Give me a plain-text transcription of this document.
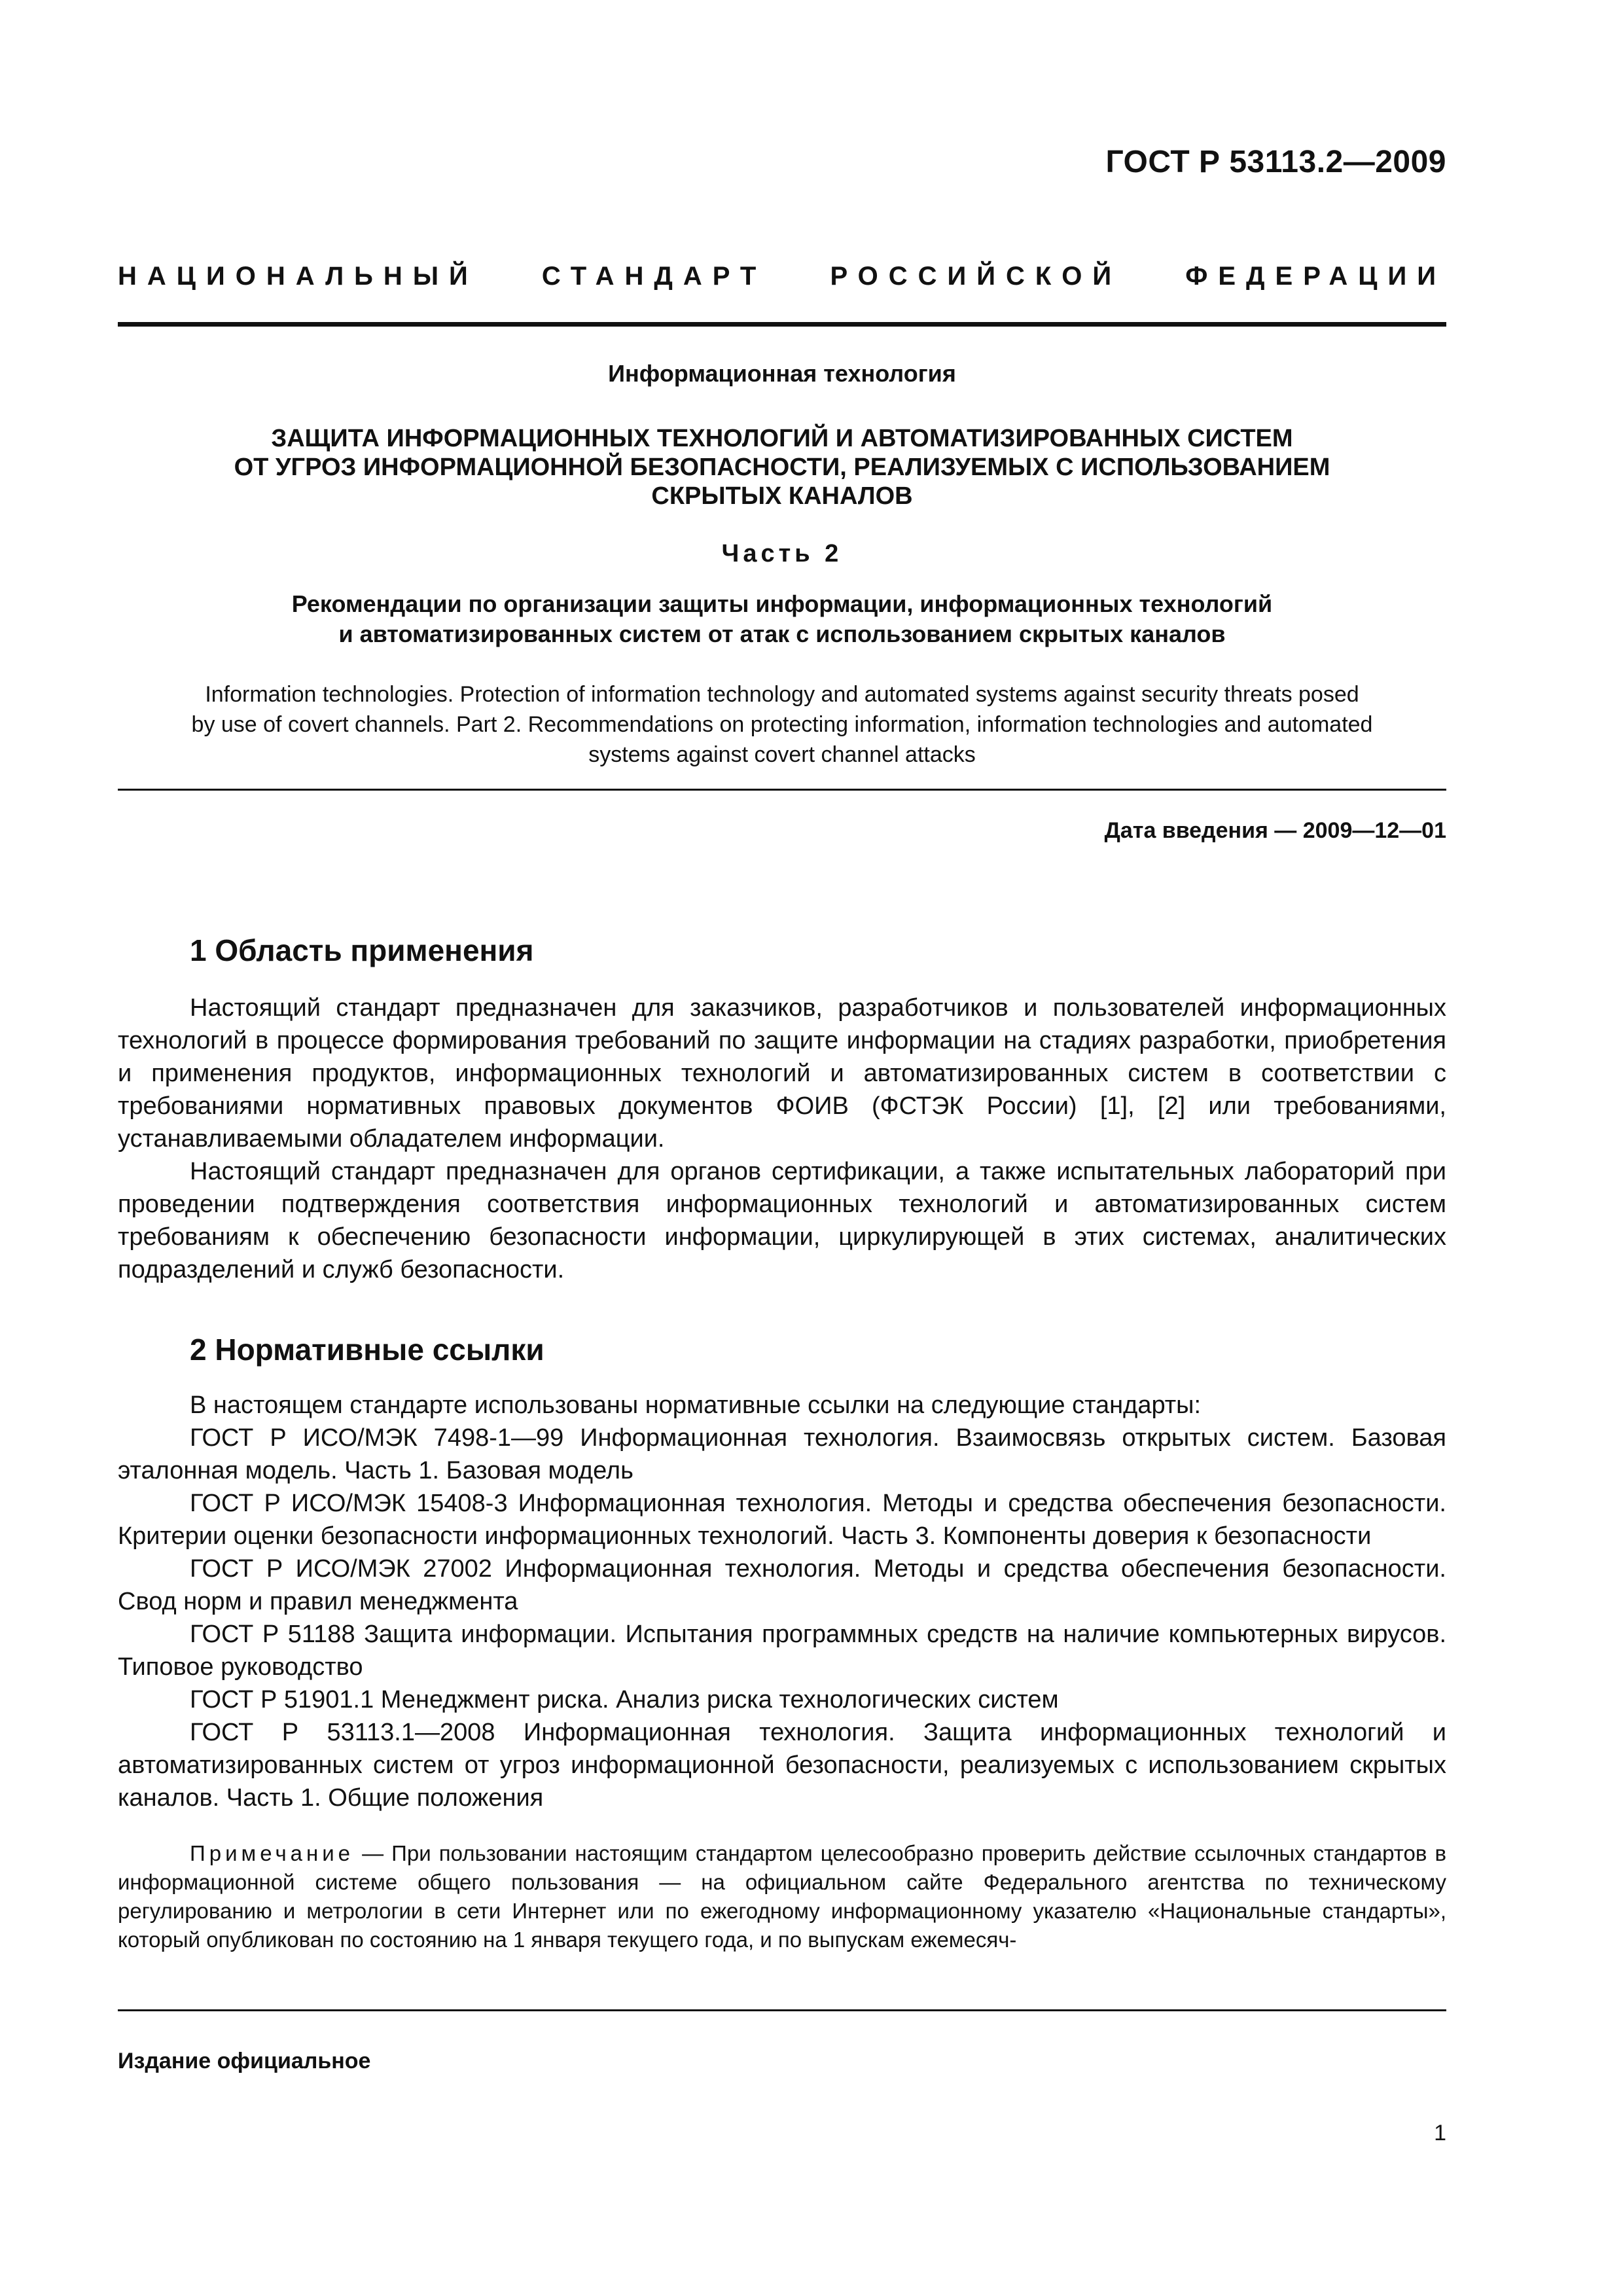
ГОСТ Р 53113.2—2009
НАЦИОНАЛЬНЫЙ СТАНДАРТ РОССИЙСКОЙ ФЕДЕРАЦИИ
Информационная технология
ЗАЩИТА ИНФОРМАЦИОННЫХ ТЕХНОЛОГИЙ И АВТОМАТИЗИРОВАННЫХ СИСТЕМ
ОТ УГРОЗ ИНФОРМАЦИОННОЙ БЕЗОПАСНОСТИ, РЕАЛИЗУЕМЫХ С ИСПОЛЬЗОВАНИЕМ
СКРЫТЫХ КАНАЛОВ
Часть 2
Рекомендации по организации защиты информации, информационных технологий
и автоматизированных систем от атак с использованием скрытых каналов
Information technologies. Protection of information technology and automated systems against security threats posed
by use of covert channels. Part 2. Recommendations on protecting information, information technologies and automated
systems against covert channel attacks
Дата введения — 2009—12—01
1 Область применения

Настоящий стандарт предназначен для заказчиков, разработчиков и пользователей информационных технологий в процессе формирования требований по защите информации на стадиях разработки, приобретения и применения продуктов, информационных технологий и автоматизированных систем в соответствии с требованиями нормативных правовых документов ФОИВ (ФСТЭК России) [1], [2] или требованиями, устанавливаемыми обладателем информации.

Настоящий стандарт предназначен для органов сертификации, а также испытательных лабораторий при проведении подтверждения соответствия информационных технологий и автоматизированных систем требованиям к обеспечению безопасности информации, циркулирующей в этих системах, аналитических подразделений и служб безопасности.

2 Нормативные ссылки

В настоящем стандарте использованы нормативные ссылки на следующие стандарты:

ГОСТ Р ИСО/МЭК 7498-1—99 Информационная технология. Взаимосвязь открытых систем. Базовая эталонная модель. Часть 1. Базовая модель

ГОСТ Р ИСО/МЭК 15408-3 Информационная технология. Методы и средства обеспечения безопасности. Критерии оценки безопасности информационных технологий. Часть 3. Компоненты доверия к безопасности

ГОСТ Р ИСО/МЭК 27002 Информационная технология. Методы и средства обеспечения безопасности. Свод норм и правил менеджмента

ГОСТ Р 51188 Защита информации. Испытания программных средств на наличие компьютерных вирусов. Типовое руководство

ГОСТ Р 51901.1 Менеджмент риска. Анализ риска технологических систем

ГОСТ Р 53113.1—2008 Информационная технология. Защита информационных технологий и автоматизированных систем от угроз информационной безопасности, реализуемых с использованием скрытых каналов. Часть 1. Общие положения

Примечание — При пользовании настоящим стандартом целесообразно проверить действие ссылочных стандартов в информационной системе общего пользования — на официальном сайте Федерального агентства по техническому регулированию и метрологии в сети Интернет или по ежегодному информационному указателю «Национальные стандарты», который опубликован по состоянию на 1 января текущего года, и по выпускам ежемесяч-

Издание официальное
1
